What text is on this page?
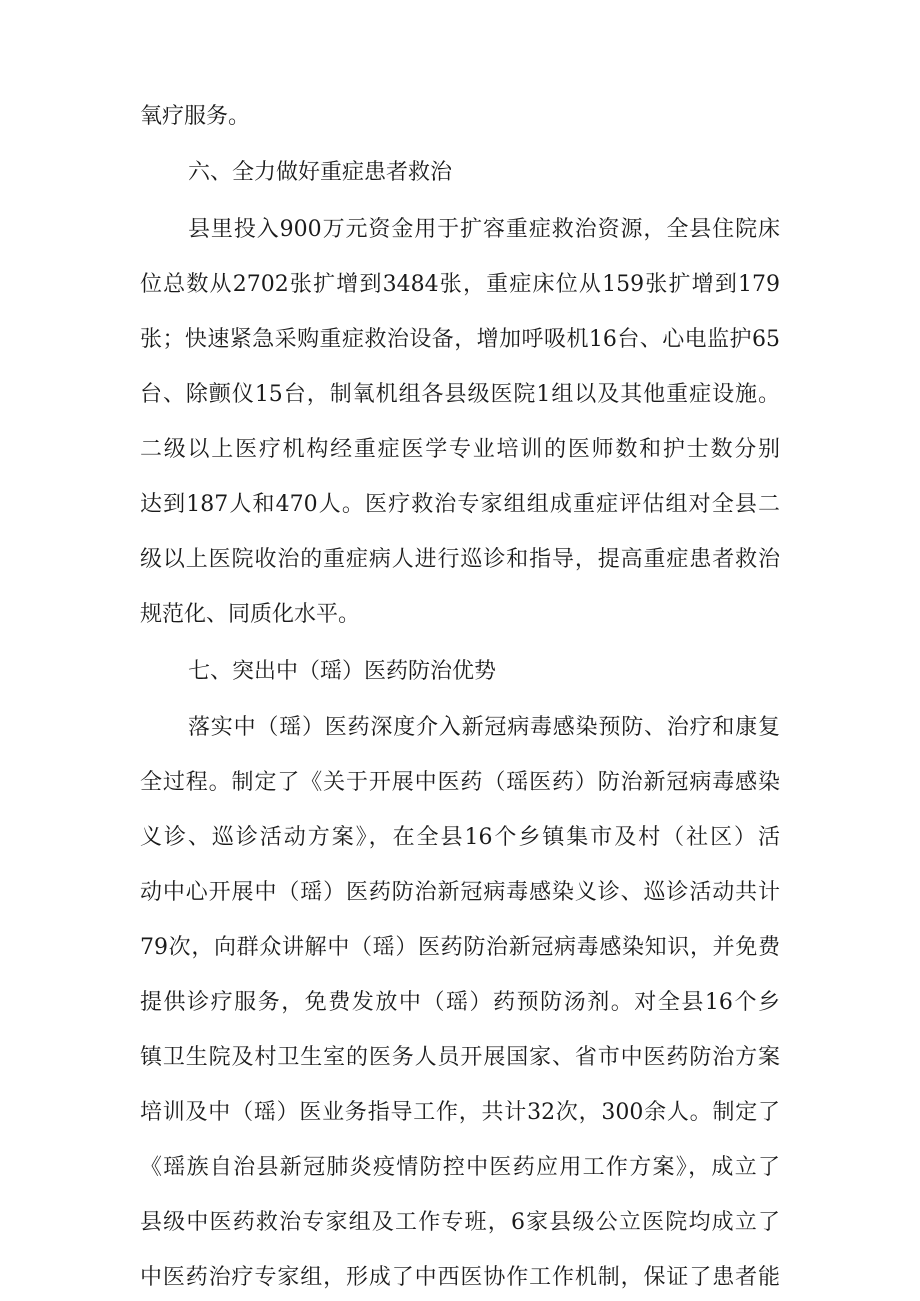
氧疗服务。
六、全力做好重症患者救治
县里投入900万元资金用于扩容重症救治资源，全县住院床
位总数从2702张扩增到3484张，重症床位从159张扩增到179
张；快速紧急采购重症救治设备，增加呼吸机16台、心电监护65
台、除颤仪15台，制氧机组各县级医院1组以及其他重症设施。
二级以上医疗机构经重症医学专业培训的医师数和护士数分别
达到187人和470人。医疗救治专家组组成重症评估组对全县二
级以上医院收治的重症病人进行巡诊和指导，提高重症患者救治
规范化、同质化水平。
七、突出中（瑶）医药防治优势
落实中（瑶）医药深度介入新冠病毒感染预防、治疗和康复
全过程。制定了《关于开展中医药（瑶医药）防治新冠病毒感染
义诊、巡诊活动方案》，在全县16个乡镇集市及村（社区）活
动中心开展中（瑶）医药防治新冠病毒感染义诊、巡诊活动共计
79次，向群众讲解中（瑶）医药防治新冠病毒感染知识，并免费
提供诊疗服务，免费发放中（瑶）药预防汤剂。对全县16个乡
镇卫生院及村卫生室的医务人员开展国家、省市中医药防治方案
培训及中（瑶）医业务指导工作，共计32次，300余人。制定了
《瑶族自治县新冠肺炎疫情防控中医药应用工作方案》，成立了
县级中医药救治专家组及工作专班，6家县级公立医院均成立了
中医药治疗专家组，形成了中西医协作工作机制，保证了患者能
